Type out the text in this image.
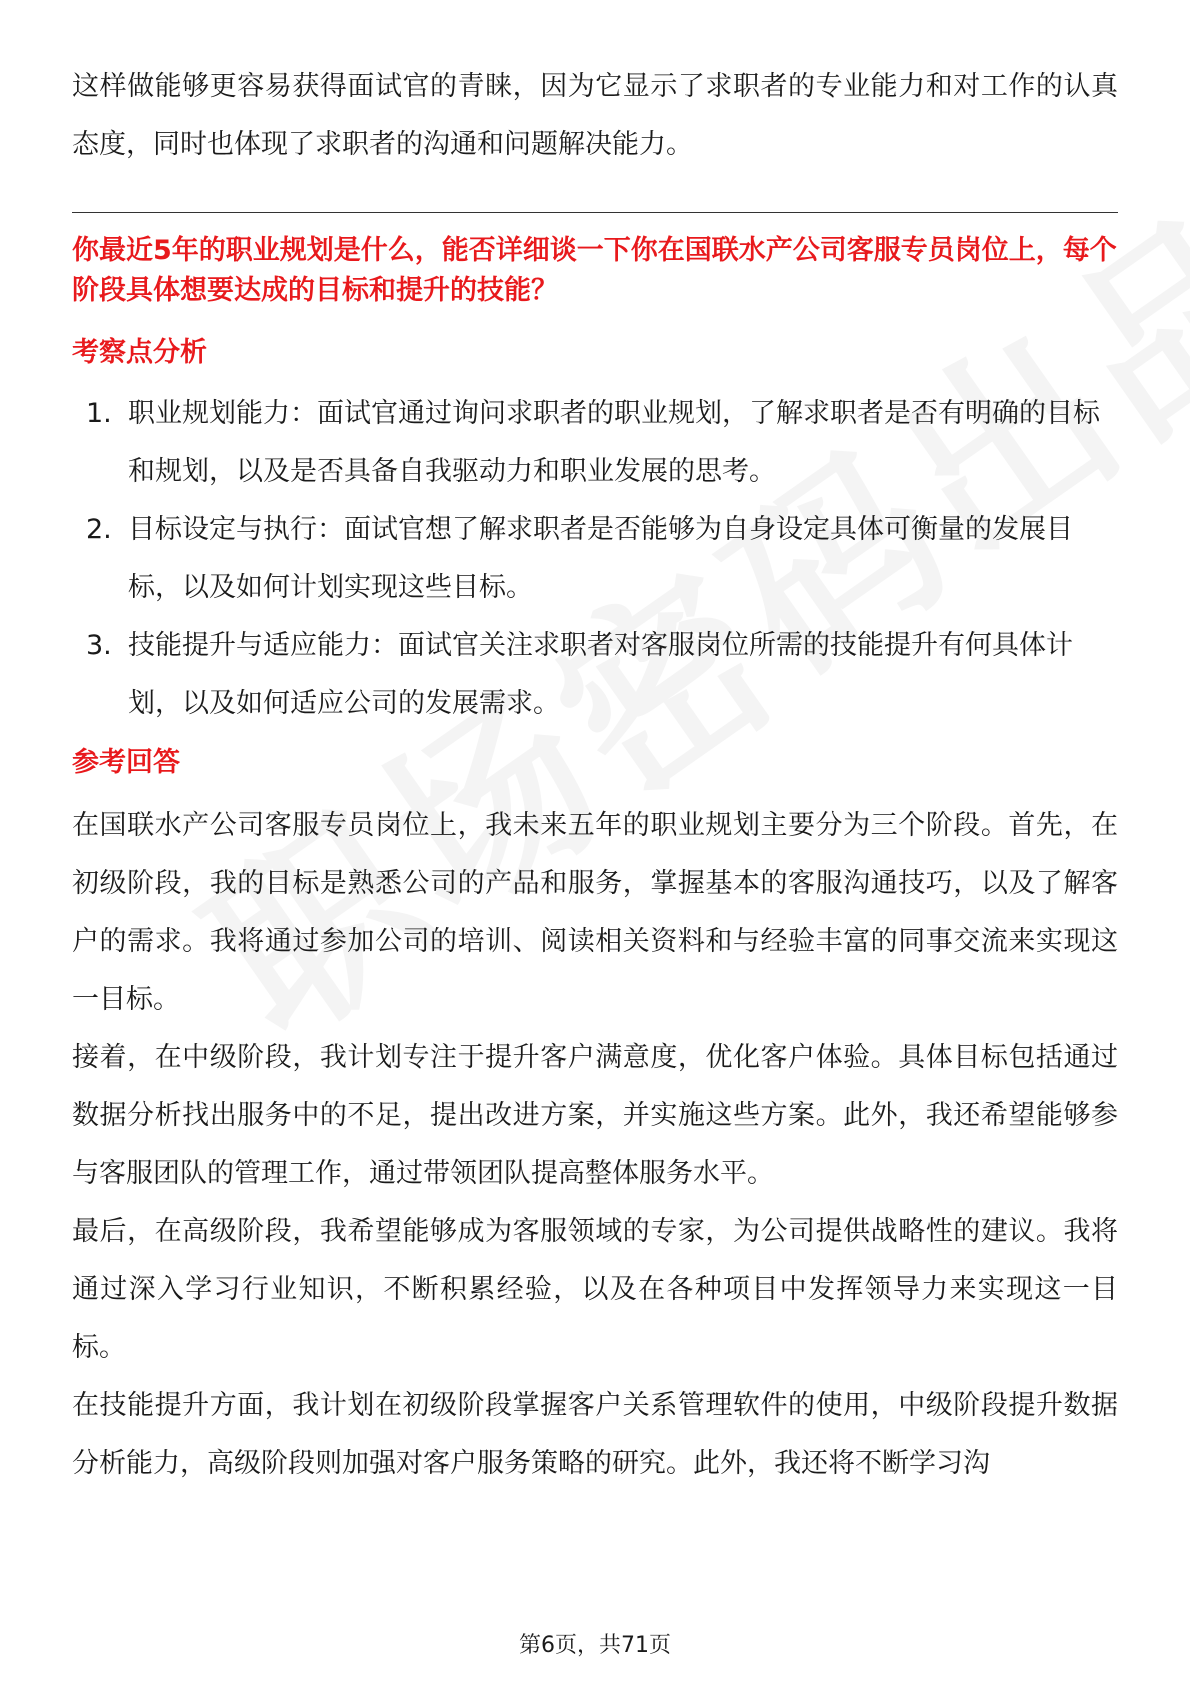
这样做能够更容易获得面试官的青睐，因为它显示了求职者的专业能力和对工作的认真态度，同时也体现了求职者的沟通和问题解决能力。

你最近5年的职业规划是什么，能否详细谈一下你在国联水产公司客服专员岗位上，每个阶段具体想要达成的目标和提升的技能？

考察点分析

1. 职业规划能力：面试官通过询问求职者的职业规划，了解求职者是否有明确的目标和规划，以及是否具备自我驱动力和职业发展的思考。
2. 目标设定与执行：面试官想了解求职者是否能够为自身设定具体可衡量的发展目标，以及如何计划实现这些目标。
3. 技能提升与适应能力：面试官关注求职者对客服岗位所需的技能提升有何具体计划，以及如何适应公司的发展需求。

参考回答

在国联水产公司客服专员岗位上，我未来五年的职业规划主要分为三个阶段。首先，在初级阶段，我的目标是熟悉公司的产品和服务，掌握基本的客服沟通技巧，以及了解客户的需求。我将通过参加公司的培训、阅读相关资料和与经验丰富的同事交流来实现这一目标。

接着，在中级阶段，我计划专注于提升客户满意度，优化客户体验。具体目标包括通过数据分析找出服务中的不足，提出改进方案，并实施这些方案。此外，我还希望能够参与客服团队的管理工作，通过带领团队提高整体服务水平。

最后，在高级阶段，我希望能够成为客服领域的专家，为公司提供战略性的建议。我将通过深入学习行业知识，不断积累经验，以及在各种项目中发挥领导力来实现这一目标。

在技能提升方面，我计划在初级阶段掌握客户关系管理软件的使用，中级阶段提升数据分析能力，高级阶段则加强对客户服务策略的研究。此外，我还将不断学习沟

第6页，共71页
